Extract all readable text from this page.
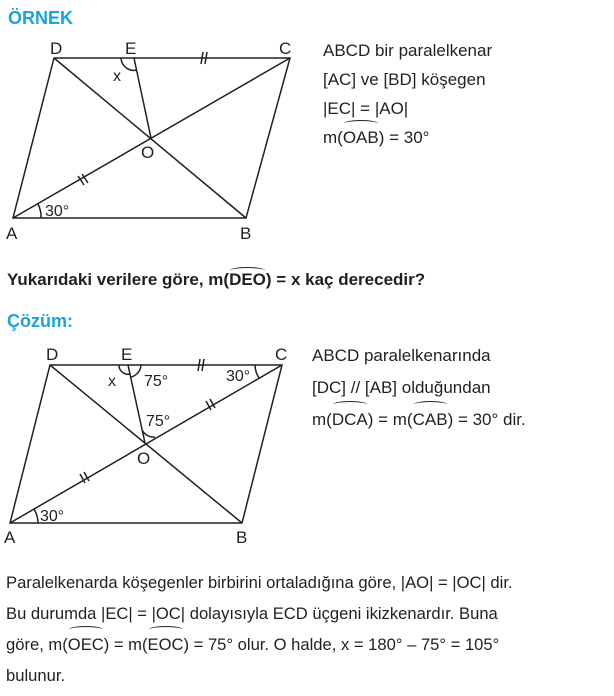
ÖRNEK
D	E	C
O
A	B
x
30°
ABCD bir paralelkenar
[AC] ve [BD] köşegen
|EC| = |AO|
m(OAB) = 30°
Yukarıdaki verilere göre, m(DEO) = x kaç derecedir?
Çözüm:
D	E	C
O
A	B
x 75°	30°
75°
30°
ABCD paralelkenarında
[DC] // [AB] olduğundan
m(DCA) = m(CAB) = 30° dir.
Paralelkenarda köşegenler birbirini ortaladığına göre, |AO| = |OC| dir.
Bu durumda |EC| = |OC| dolayısıyla ECD üçgeni ikizkenardır. Buna
göre, m(OEC) = m(EOC) = 75° olur. O halde, x = 180° – 75° = 105°
bulunur.
